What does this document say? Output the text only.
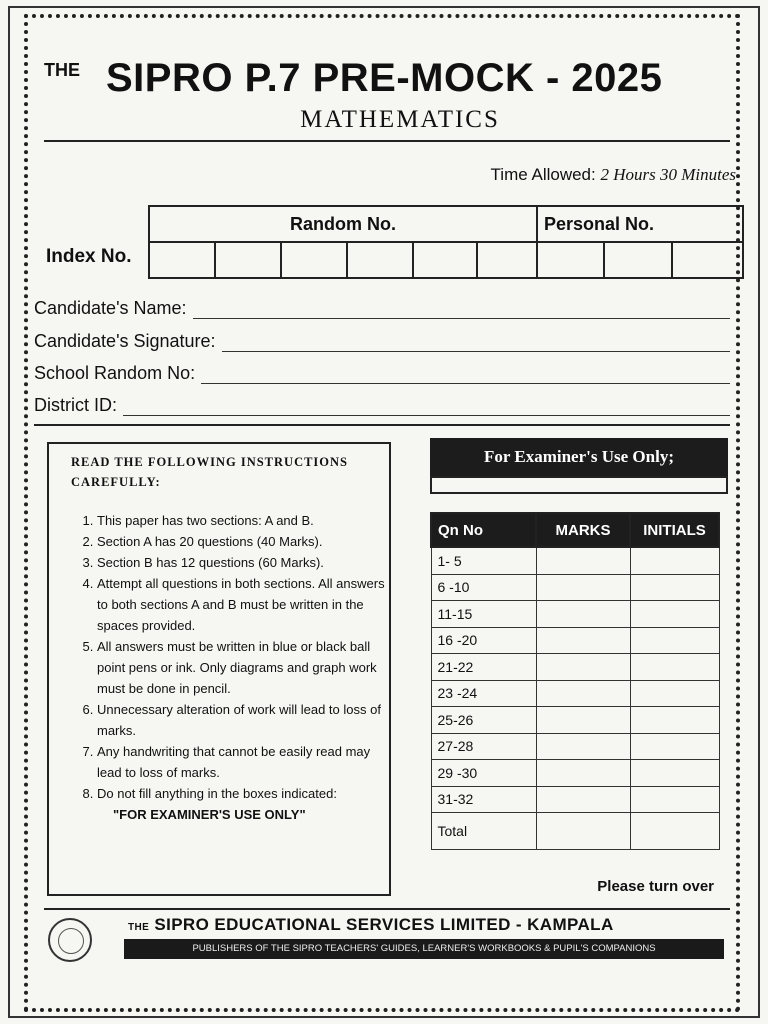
THE SIPRO P.7 PRE-MOCK - 2025
MATHEMATICS
Time Allowed: 2 Hours 30 Minutes
Index No.
Random No.						Personal No.		

Candidate's Name:
Candidate's Signature:
School Random No:
District ID:
READ THE FOLLOWING INSTRUCTIONS CAREFULLY:
1. This paper has two sections: A and B.
2. Section A has 20 questions (40 Marks).
3. Section B has 12 questions (60 Marks).
4. Attempt all questions in both sections. All answers to both sections A and B must be written in the spaces provided.
5. All answers must be written in blue or black ball point pens or ink. Only diagrams and graph work must be done in pencil.
6. Unnecessary alteration of work will lead to loss of marks.
7. Any handwriting that cannot be easily read may lead to loss of marks.
8. Do not fill anything in the boxes indicated:
"FOR EXAMINER'S USE ONLY"
For Examiner's Use Only;
Qn No	MARKS	INITIALS
1- 5		
6 -10		
11-15		
16 -20		
21-22		
23 -24		
25-26		
27-28		
29 -30		
31-32		
Total		
Please turn over
THE SIPRO EDUCATIONAL SERVICES LIMITED - KAMPALA
PUBLISHERS OF THE SIPRO TEACHERS' GUIDES, LEARNER'S WORKBOOKS & PUPIL'S COMPANIONS
